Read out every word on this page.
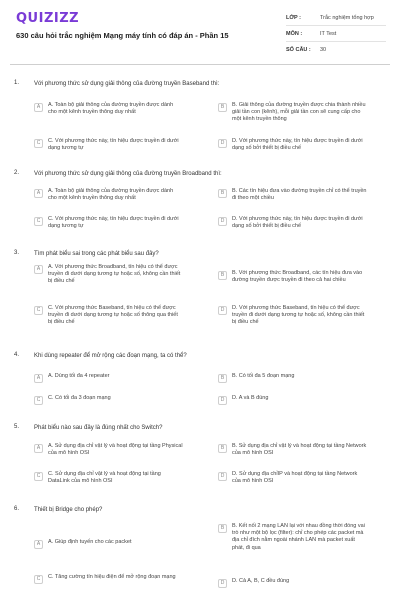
QUIZIZZ
630 câu hỏi trắc nghiệm Mạng máy tính có đáp án - Phần 15
LỚP :	Trắc nghiệm tổng hợp
MÔN :	IT Test
SỐ CÂU :	30
1. Với phương thức sử dụng giải thông của đường truyền Baseband thì:
A	A. Toàn bộ giải thông của đường truyền được dành cho một kênh truyền thông duy nhất
B	B. Giải thông của đường truyền được chia thành nhiều giải tần con (kênh), mỗi giải tần con sẽ cung cấp cho một kênh truyền thông
C	C. Với phương thức này, tín hiệu được truyền đi dưới dạng tương tự
D	D. Với phương thức này, tín hiệu được truyền đi dưới dạng số bởi thiết bị điều chế
2. Với phương thức sử dụng giải thông của đường truyền Broadband thì:
A	A. Toàn bộ giải thông của đường truyền được dành cho một kênh truyền thông duy nhất
B	B. Các tín hiệu đưa vào đường truyền chỉ có thể truyền đi theo một chiều
C	C. Với phương thức này, tín hiệu được truyền đi dưới dạng tương tự
D	D. Với phương thức này, tín hiệu được truyền đi dưới dạng số bởi thiết bị điều chế
3. Tìm phát biểu sai trong các phát biểu sau đây?
A	A. Với phương thức Broadband, tín hiệu có thể được truyền đi dưới dạng tương tự hoặc số, không cần thiết bị điều chế
B	B. Với phương thức Broadband, các tín hiệu đưa vào đường truyền được truyền đi theo cả hai chiều
C	C. Với phương thức Baseband, tín hiệu có thể được truyền đi dưới dạng tương tự hoặc số thông qua thiết bị điều chế
D	D. Với phương thức Baseband, tín hiệu có thể được truyền đi dưới dạng tương tự hoặc số, không cần thiết bị điều chế
4. Khi dùng repeater để mở rộng các đoạn mạng, ta có thể?
A	A. Dùng tối đa 4 repeater	B	B. Có tối đa 5 đoạn mạng
C	C. Có tối đa 3 đoạn mạng	D	D. A và B đúng
5. Phát biểu nào sau đây là đúng nhất cho Switch?
A	A. Sử dụng địa chỉ vật lý và hoạt động tại tầng Physical của mô hình OSI
B	B. Sử dụng địa chỉ vật lý và hoạt động tại tầng Network của mô hình OSI
C	C. Sử dụng địa chỉ vật lý và hoạt động tại tầng DataLink của mô hình OSI
D	D. Sử dụng địa chỉIP và hoạt động tại tầng Network của mô hình OSI
6. Thiết bị Bridge cho phép?
A	A. Giúp định tuyến cho các packet
B	B. Kết nối 2 mạng LAN lại với nhau đồng thời đóng vai trò như một bộ lọc (filter): chỉ cho phép các packet mà địa chỉ đích nằm ngoài nhánh LAN mà packet xuất phát, đi qua
C	C. Tăng cường tín hiệu điện để mở rộng đoạn mạng
D	D. Cả A, B, C đều đúng
